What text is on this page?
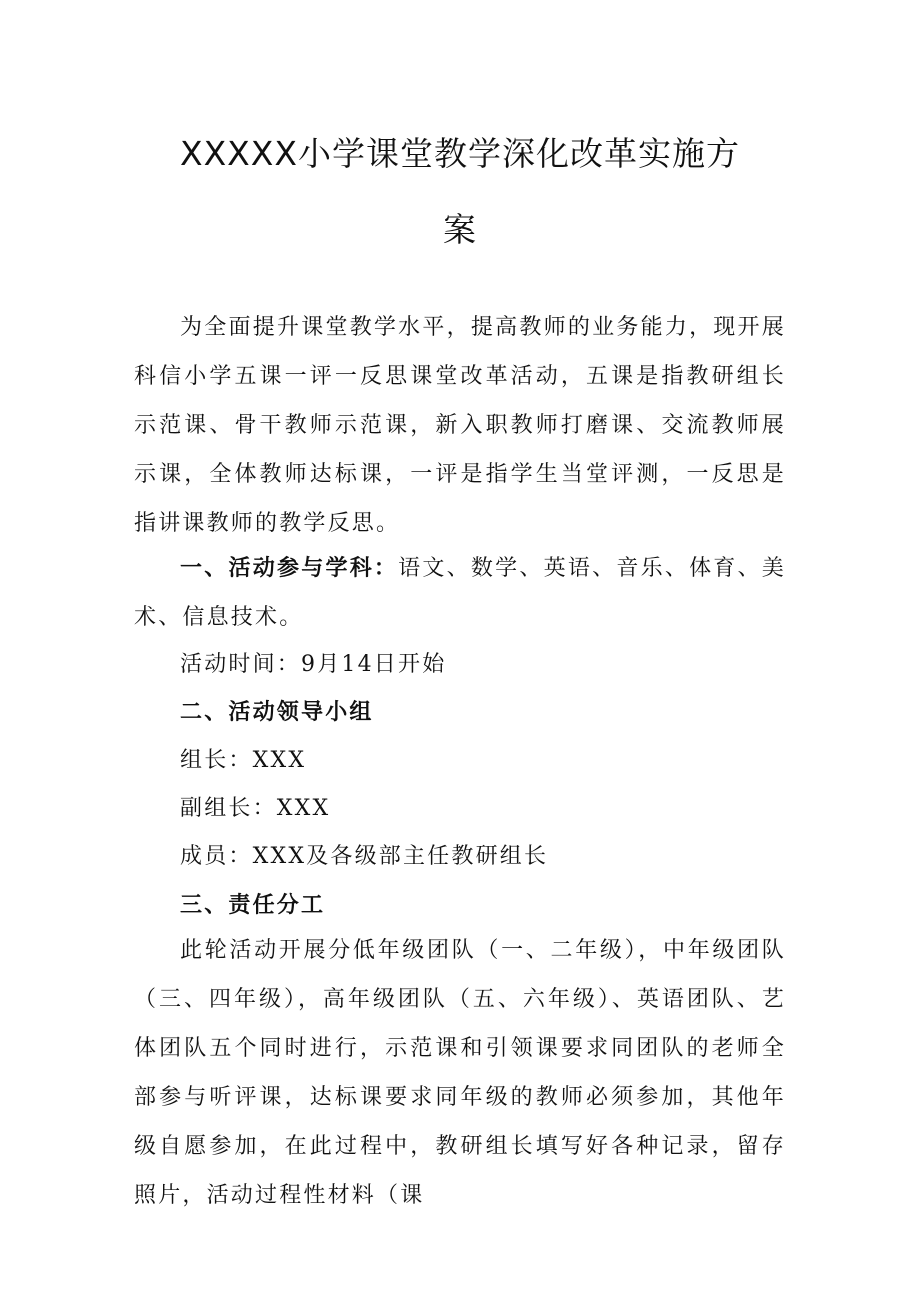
XXXXX小学课堂教学深化改革实施方
案

为全面提升课堂教学水平，提高教师的业务能力，现开展科信小学五课一评一反思课堂改革活动，五课是指教研组长示范课、骨干教师示范课，新入职教师打磨课、交流教师展示课，全体教师达标课，一评是指学生当堂评测，一反思是指讲课教师的教学反思。

一、活动参与学科：语文、数学、英语、音乐、体育、美术、信息技术。

活动时间：9月14日开始

二、活动领导小组

组长：XXX

副组长：XXX

成员：XXX及各级部主任教研组长

三、责任分工

此轮活动开展分低年级团队（一、二年级），中年级团队（三、四年级），高年级团队（五、六年级）、英语团队、艺体团队五个同时进行，示范课和引领课要求同团队的老师全部参与听评课，达标课要求同年级的教师必须参加，其他年级自愿参加，在此过程中，教研组长填写好各种记录，留存照片，活动过程性材料（课
